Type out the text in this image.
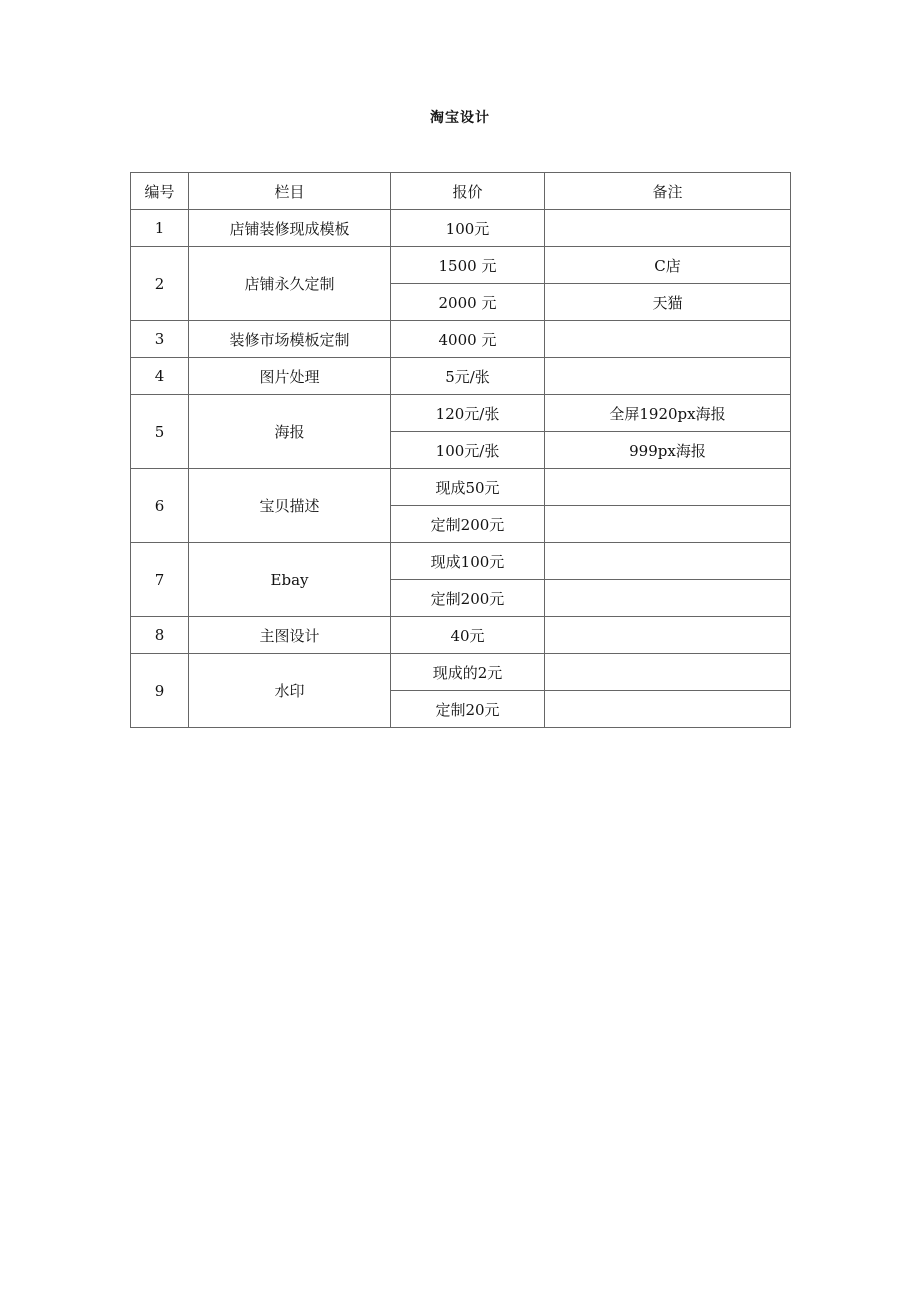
淘宝设计
编号	栏目	报价	备注
1	店铺装修现成模板	100元	
2	店铺永久定制	1500 元	C店
		2000 元	天猫
3	装修市场模板定制	4000 元	
4	图片处理	5元/张	
5	海报	120元/张	全屏1920px海报
		100元/张	999px海报
6	宝贝描述	现成50元	
		定制200元	
7	Ebay	现成100元	
		定制200元	
8	主图设计	40元	
9	水印	现成的2元	
		定制20元	
